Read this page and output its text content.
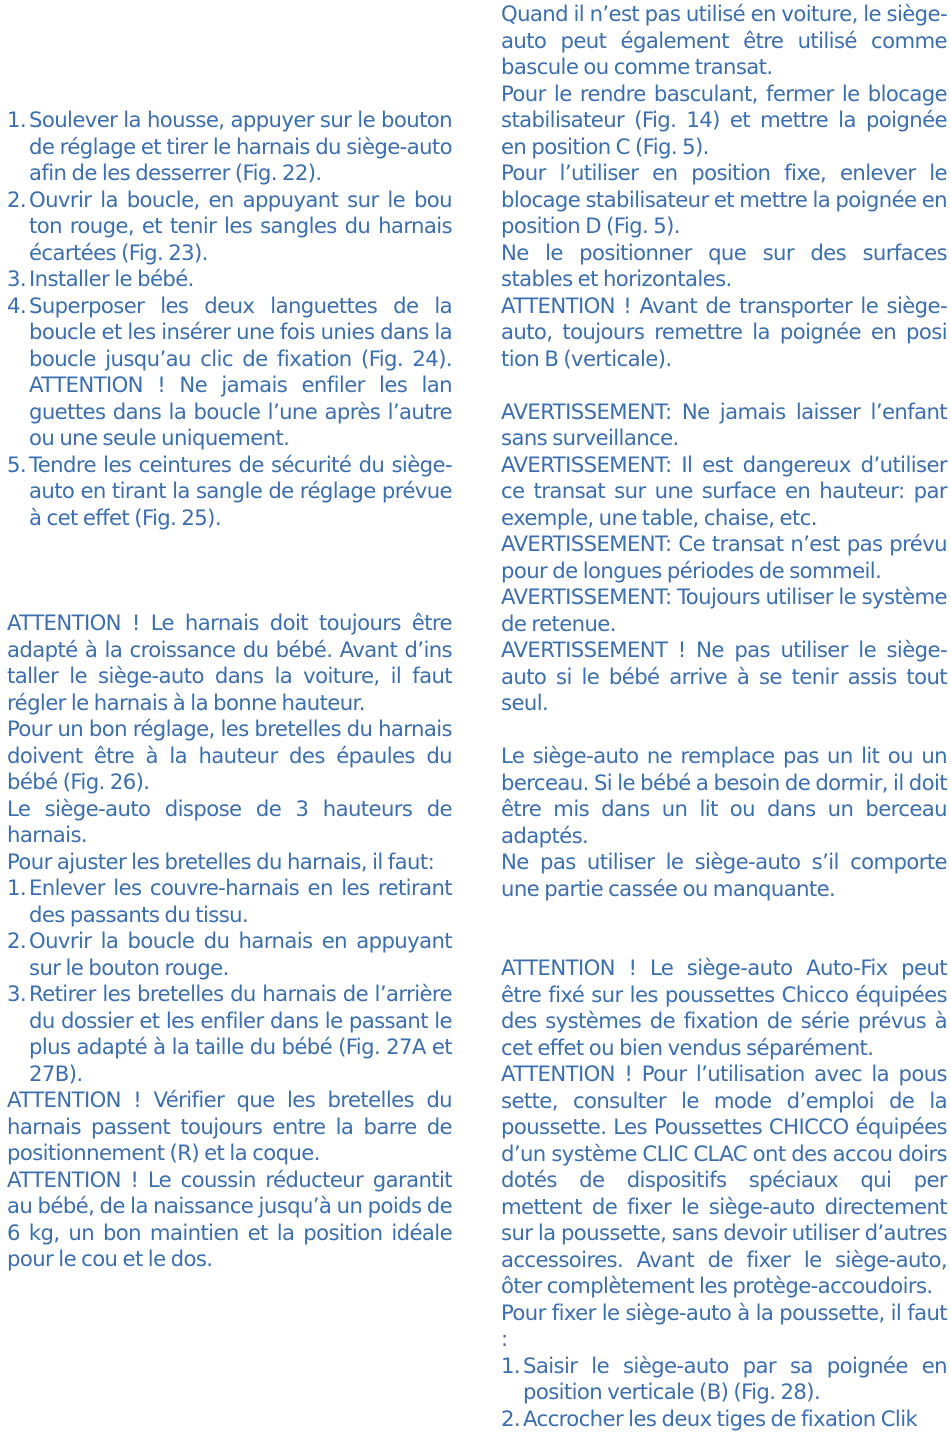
1. Soulever la housse, appuyer sur le bouton de réglage et tirer le harnais du siège-auto afin de les desserrer (Fig. 22).
2. Ouvrir la boucle, en appuyant sur le bou ton rouge, et tenir les sangles du harnais écartées (Fig. 23).
3. Installer le bébé.
4. Superposer les deux languettes de la boucle et les insérer une fois unies dans la boucle jusqu’au clic de fixation (Fig. 24). ATTENTION ! Ne jamais enfiler les lan guettes dans la boucle l’une après l’autre ou une seule uniquement.
5. Tendre les ceintures de sécurité du siège-auto en tirant la sangle de réglage prévue à cet effet (Fig. 25).

ATTENTION ! Le harnais doit toujours être adapté à la croissance du bébé. Avant d’ins taller le siège-auto dans la voiture, il faut régler le harnais à la bonne hauteur.

Pour un bon réglage, les bretelles du harnais doivent être à la hauteur des épaules du bébé (Fig. 26).

Le siège-auto dispose de 3 hauteurs de harnais.

Pour ajuster les bretelles du harnais, il faut:

1. Enlever les couvre-harnais en les retirant des passants du tissu.
2. Ouvrir la boucle du harnais en appuyant sur le bouton rouge.
3. Retirer les bretelles du harnais de l’arrière du dossier et les enfiler dans le passant le plus adapté à la taille du bébé (Fig. 27A et 27B).

ATTENTION ! Vérifier que les bretelles du harnais passent toujours entre la barre de positionnement (R) et la coque.

ATTENTION ! Le coussin réducteur garantit au bébé, de la naissance jusqu’à un poids de 6 kg, un bon maintien et la position idéale pour le cou et le dos.

Quand il n’est pas utilisé en voiture, le siège-auto peut également être utilisé comme bascule ou comme transat.

Pour le rendre basculant, fermer le blocage stabilisateur (Fig. 14) et mettre la poignée en position C (Fig. 5).

Pour l’utiliser en position fixe, enlever le blocage stabilisateur et mettre la poignée en position D (Fig. 5).

Ne le positionner que sur des surfaces stables et horizontales.

ATTENTION ! Avant de transporter le siège-auto, toujours remettre la poignée en posi tion B (verticale).

AVERTISSEMENT: Ne jamais laisser l’enfant sans surveillance.

AVERTISSEMENT: Il est dangereux d’utiliser ce transat sur une surface en hauteur: par exemple, une table, chaise, etc.

AVERTISSEMENT: Ce transat n’est pas prévu pour de longues périodes de sommeil.

AVERTISSEMENT: Toujours utiliser le système de retenue.

AVERTISSEMENT ! Ne pas utiliser le siège-auto si le bébé arrive à se tenir assis tout seul.

Le siège-auto ne remplace pas un lit ou un berceau. Si le bébé a besoin de dormir, il doit être mis dans un lit ou dans un berceau adaptés.

Ne pas utiliser le siège-auto s’il comporte une partie cassée ou manquante.

ATTENTION ! Le siège-auto Auto-Fix peut être fixé sur les poussettes Chicco équipées des systèmes de fixation de série prévus à cet effet ou bien vendus séparément.

ATTENTION ! Pour l’utilisation avec la pous sette, consulter le mode d’emploi de la poussette. Les Poussettes CHICCO équipées d’un système CLIC CLAC ont des accou doirs dotés de dispositifs spéciaux qui per mettent de fixer le siège-auto directement sur la poussette, sans devoir utiliser d’autres accessoires. Avant de fixer le siège-auto, ôter complètement les protège-accoudoirs.

Pour fixer le siège-auto à la poussette, il faut :

1. Saisir le siège-auto par sa poignée en position verticale (B) (Fig. 28).
2. Accrocher les deux tiges de fixation Clik
